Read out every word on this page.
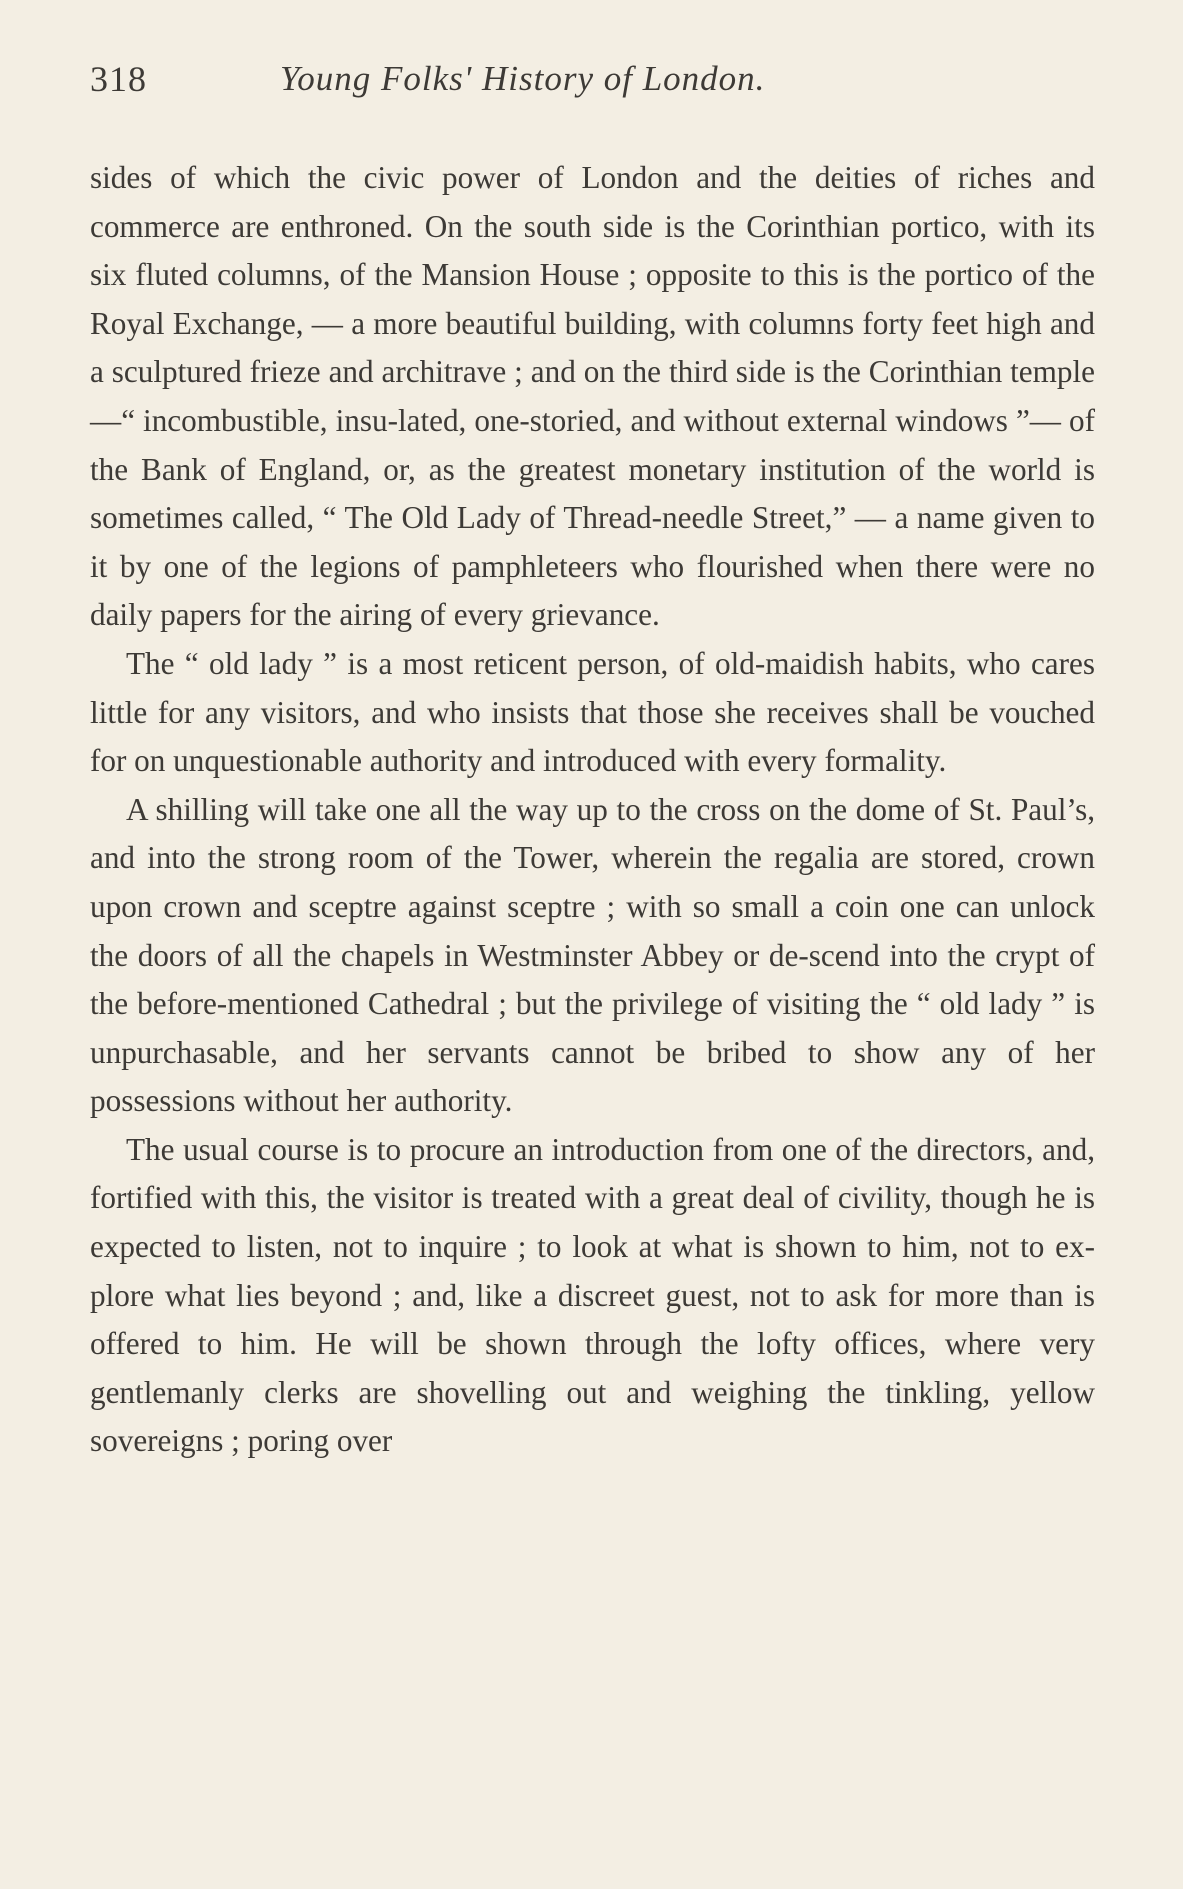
318	Young Folks' History of London.

sides of which the civic power of London and the deities of riches and commerce are enthroned. On the south side is the Corinthian portico, with its six fluted columns, of the Mansion House ; opposite to this is the portico of the Royal Exchange, — a more beautiful building, with columns forty feet high and a sculptured frieze and architrave ; and on the third side is the Corinthian temple —“ incombustible, insu-lated, one-storied, and without external windows ”— of the Bank of England, or, as the greatest monetary institution of the world is sometimes called, “ The Old Lady of Thread-needle Street,” — a name given to it by one of the legions of pamphleteers who flourished when there were no daily papers for the airing of every grievance.

The “ old lady ” is a most reticent person, of old-maidish habits, who cares little for any visitors, and who insists that those she receives shall be vouched for on unquestionable authority and introduced with every formality.

A shilling will take one all the way up to the cross on the dome of St. Paul’s, and into the strong room of the Tower, wherein the regalia are stored, crown upon crown and sceptre against sceptre ; with so small a coin one can unlock the doors of all the chapels in Westminster Abbey or de-scend into the crypt of the before-mentioned Cathedral ; but the privilege of visiting the “ old lady ” is unpurchasable, and her servants cannot be bribed to show any of her possessions without her authority.

The usual course is to procure an introduction from one of the directors, and, fortified with this, the visitor is treated with a great deal of civility, though he is expected to listen, not to inquire ; to look at what is shown to him, not to ex-plore what lies beyond ; and, like a discreet guest, not to ask for more than is offered to him. He will be shown through the lofty offices, where very gentlemanly clerks are shovelling out and weighing the tinkling, yellow sovereigns ; poring over
